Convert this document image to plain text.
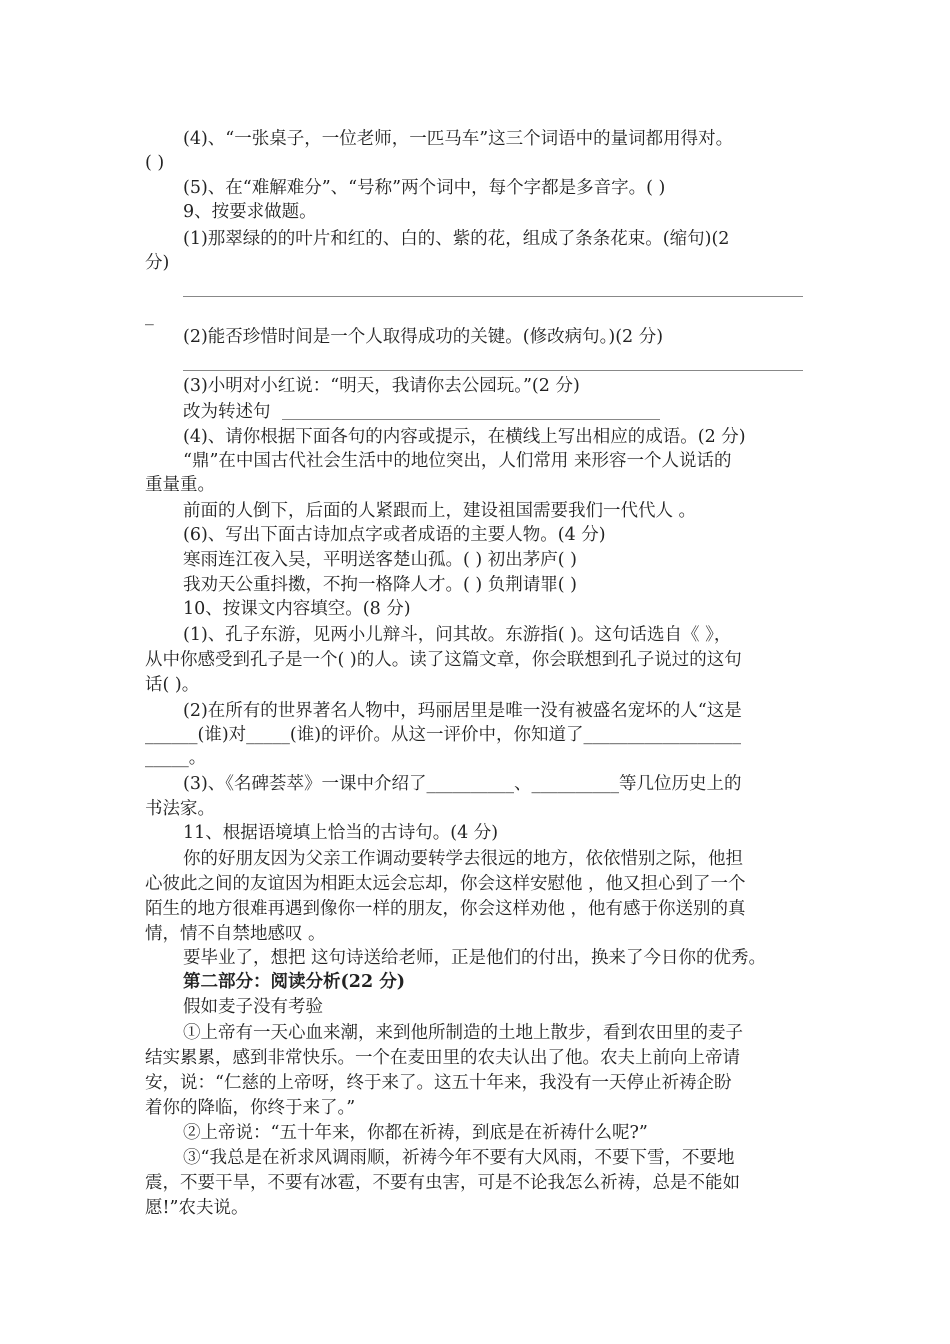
(4)、“一张桌子，一位老师，一匹马车”这三个词语中的量词都用得对。
( )
(5)、在“难解难分”、“号称”两个词中，每个字都是多音字。( )
9、按要求做题。
(1)那翠绿的的叶片和红的、白的、紫的花，组成了条条花束。(缩句)(2
分)
_
(2)能否珍惜时间是一个人取得成功的关键。(修改病句。)(2 分)
(3)小明对小红说：“明天，我请你去公园玩。”(2 分)
改为转述句
(4)、请你根据下面各句的内容或提示，在横线上写出相应的成语。(2 分)
“鼎”在中国古代社会生活中的地位突出，人们常用 来形容一个人说话的
重量重。
前面的人倒下，后面的人紧跟而上，建设祖国需要我们一代代人 。
(6)、写出下面古诗加点字或者成语的主要人物。(4 分)
寒雨连江夜入吴，平明送客楚山孤。( ) 初出茅庐( )
我劝天公重抖擞，不拘一格降人才。( ) 负荆请罪( )
10、按课文内容填空。(8 分)
(1)、孔子东游，见两小儿辩斗，问其故。东游指( )。这句话选自《 》，
从中你感受到孔子是一个( )的人。读了这篇文章，你会联想到孔子说过的这句
话( )。
(2)在所有的世界著名人物中，玛丽居里是唯一没有被盛名宠坏的人“这是
______(谁)对_____(谁)的评价。从这一评价中，你知道了__________________
_____。
(3)、《名碑荟萃》一课中介绍了__________、__________等几位历史上的
书法家。
11、根据语境填上恰当的古诗句。(4 分)
你的好朋友因为父亲工作调动要转学去很远的地方，依依惜别之际，他担
心彼此之间的友谊因为相距太远会忘却，你会这样安慰他 ，他又担心到了一个
陌生的地方很难再遇到像你一样的朋友，你会这样劝他 ，他有感于你送别的真
情，情不自禁地感叹 。
要毕业了，想把 这句诗送给老师，正是他们的付出，换来了今日你的优秀。
第二部分：阅读分析(22 分)
假如麦子没有考验
①上帝有一天心血来潮，来到他所制造的土地上散步，看到农田里的麦子
结实累累，感到非常快乐。一个在麦田里的农夫认出了他。农夫上前向上帝请
安，说：“仁慈的上帝呀，终于来了。这五十年来，我没有一天停止祈祷企盼
着你的降临，你终于来了。”
②上帝说：“五十年来，你都在祈祷，到底是在祈祷什么呢?”
③“我总是在祈求风调雨顺，祈祷今年不要有大风雨，不要下雪，不要地
震，不要干旱，不要有冰雹，不要有虫害，可是不论我怎么祈祷，总是不能如
愿!”农夫说。
